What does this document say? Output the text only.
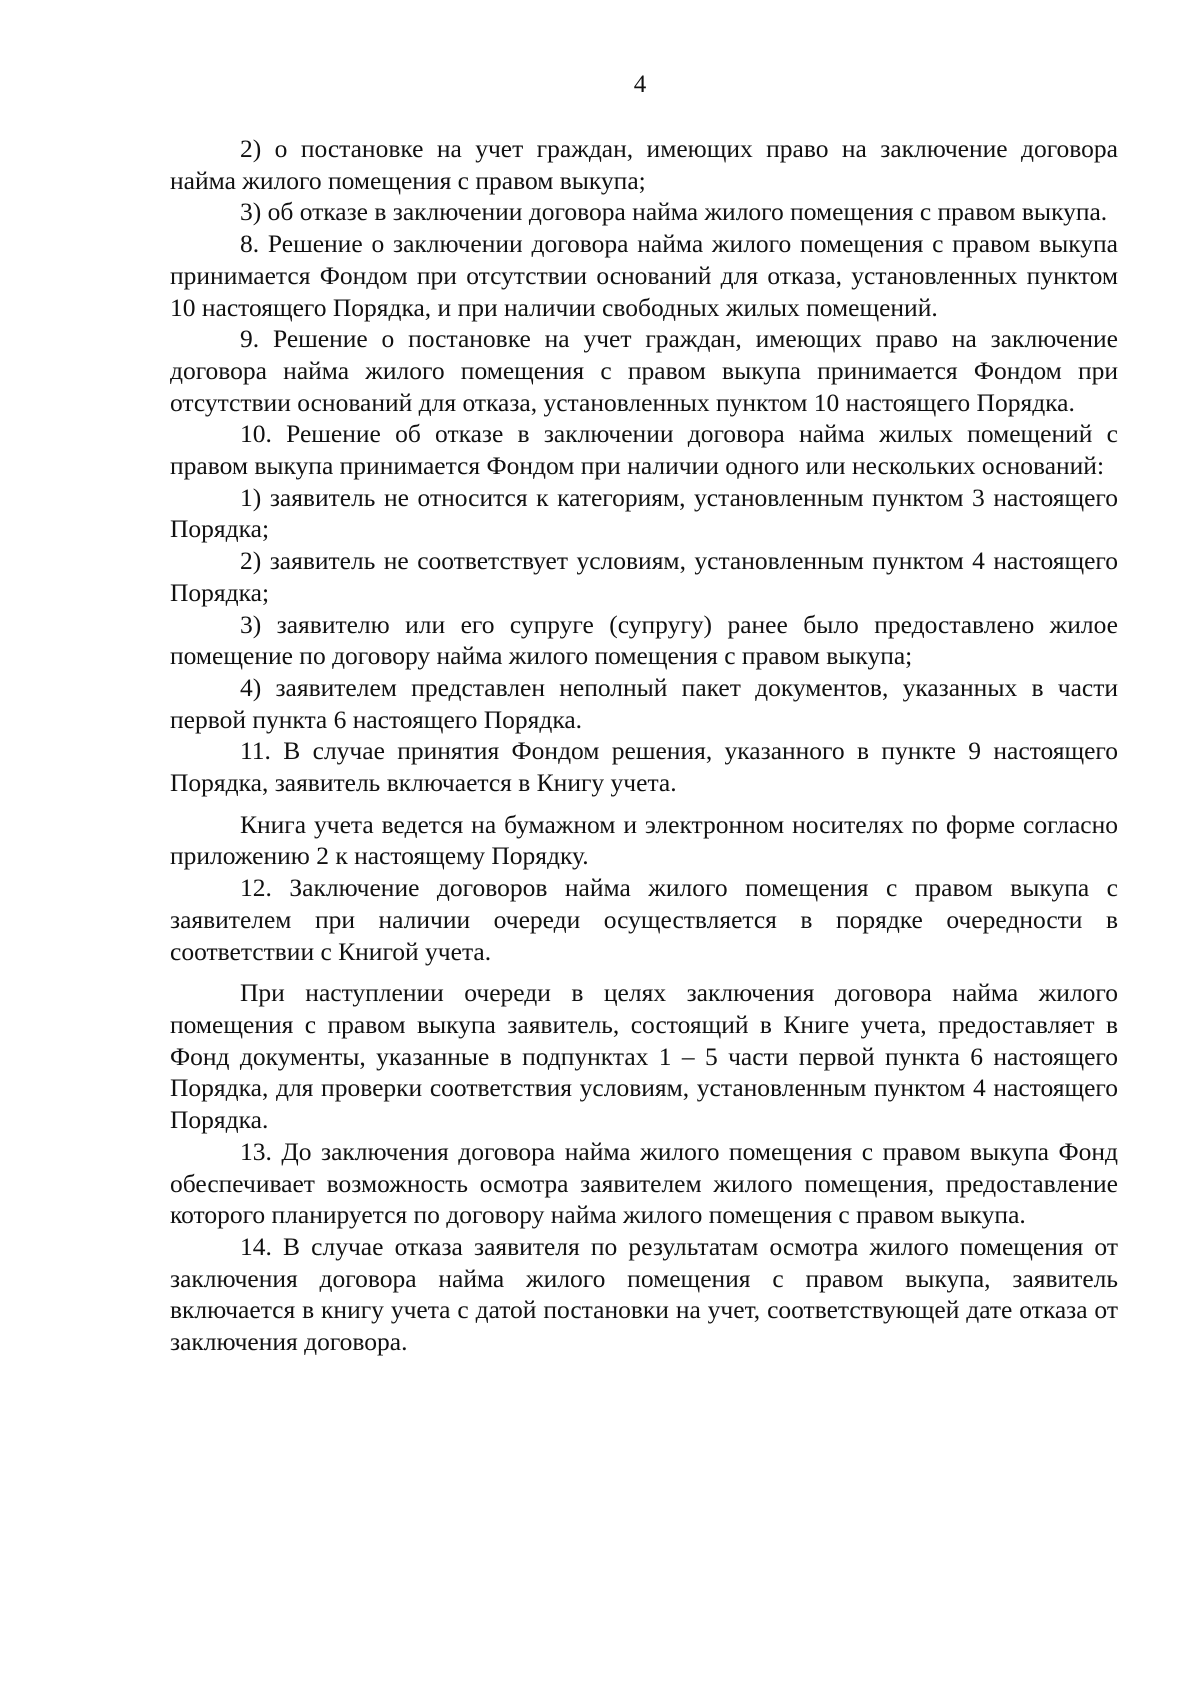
4

2) о постановке на учет граждан, имеющих право на заключение договора найма жилого помещения с правом выкупа;

3) об отказе в заключении договора найма жилого помещения с правом выкупа.

8. Решение о заключении договора найма жилого помещения с правом выкупа принимается Фондом при отсутствии оснований для отказа, установленных пунктом 10 настоящего Порядка, и при наличии свободных жилых помещений.

9. Решение о постановке на учет граждан, имеющих право на заключение договора найма жилого помещения с правом выкупа принимается Фондом при отсутствии оснований для отказа, установленных пунктом 10 настоящего Порядка.

10. Решение об отказе в заключении договора найма жилых помещений с правом выкупа принимается Фондом при наличии одного или нескольких оснований:

1) заявитель не относится к категориям, установленным пунктом 3 настоящего Порядка;

2) заявитель не соответствует условиям, установленным пунктом 4 настоящего Порядка;

3) заявителю или его супруге (супругу) ранее было предоставлено жилое помещение по договору найма жилого помещения с правом выкупа;

4) заявителем представлен неполный пакет документов, указанных в части первой пункта 6 настоящего Порядка.

11. В случае принятия Фондом решения, указанного в пункте 9 настоящего Порядка, заявитель включается в Книгу учета.

Книга учета ведется на бумажном и электронном носителях по форме согласно приложению 2 к настоящему Порядку.

12. Заключение договоров найма жилого помещения с правом выкупа с заявителем при наличии очереди осуществляется в порядке очередности в соответствии с Книгой учета.

При наступлении очереди в целях заключения договора найма жилого помещения с правом выкупа заявитель, состоящий в Книге учета, предоставляет в Фонд документы, указанные в подпунктах 1 – 5 части первой пункта 6 настоящего Порядка, для проверки соответствия условиям, установленным пунктом 4 настоящего Порядка.

13. До заключения договора найма жилого помещения с правом выкупа Фонд обеспечивает возможность осмотра заявителем жилого помещения, предоставление которого планируется по договору найма жилого помещения с правом выкупа.

14. В случае отказа заявителя по результатам осмотра жилого помещения от заключения договора найма жилого помещения с правом выкупа, заявитель включается в книгу учета с датой постановки на учет, соответствующей дате отказа от заключения договора.
